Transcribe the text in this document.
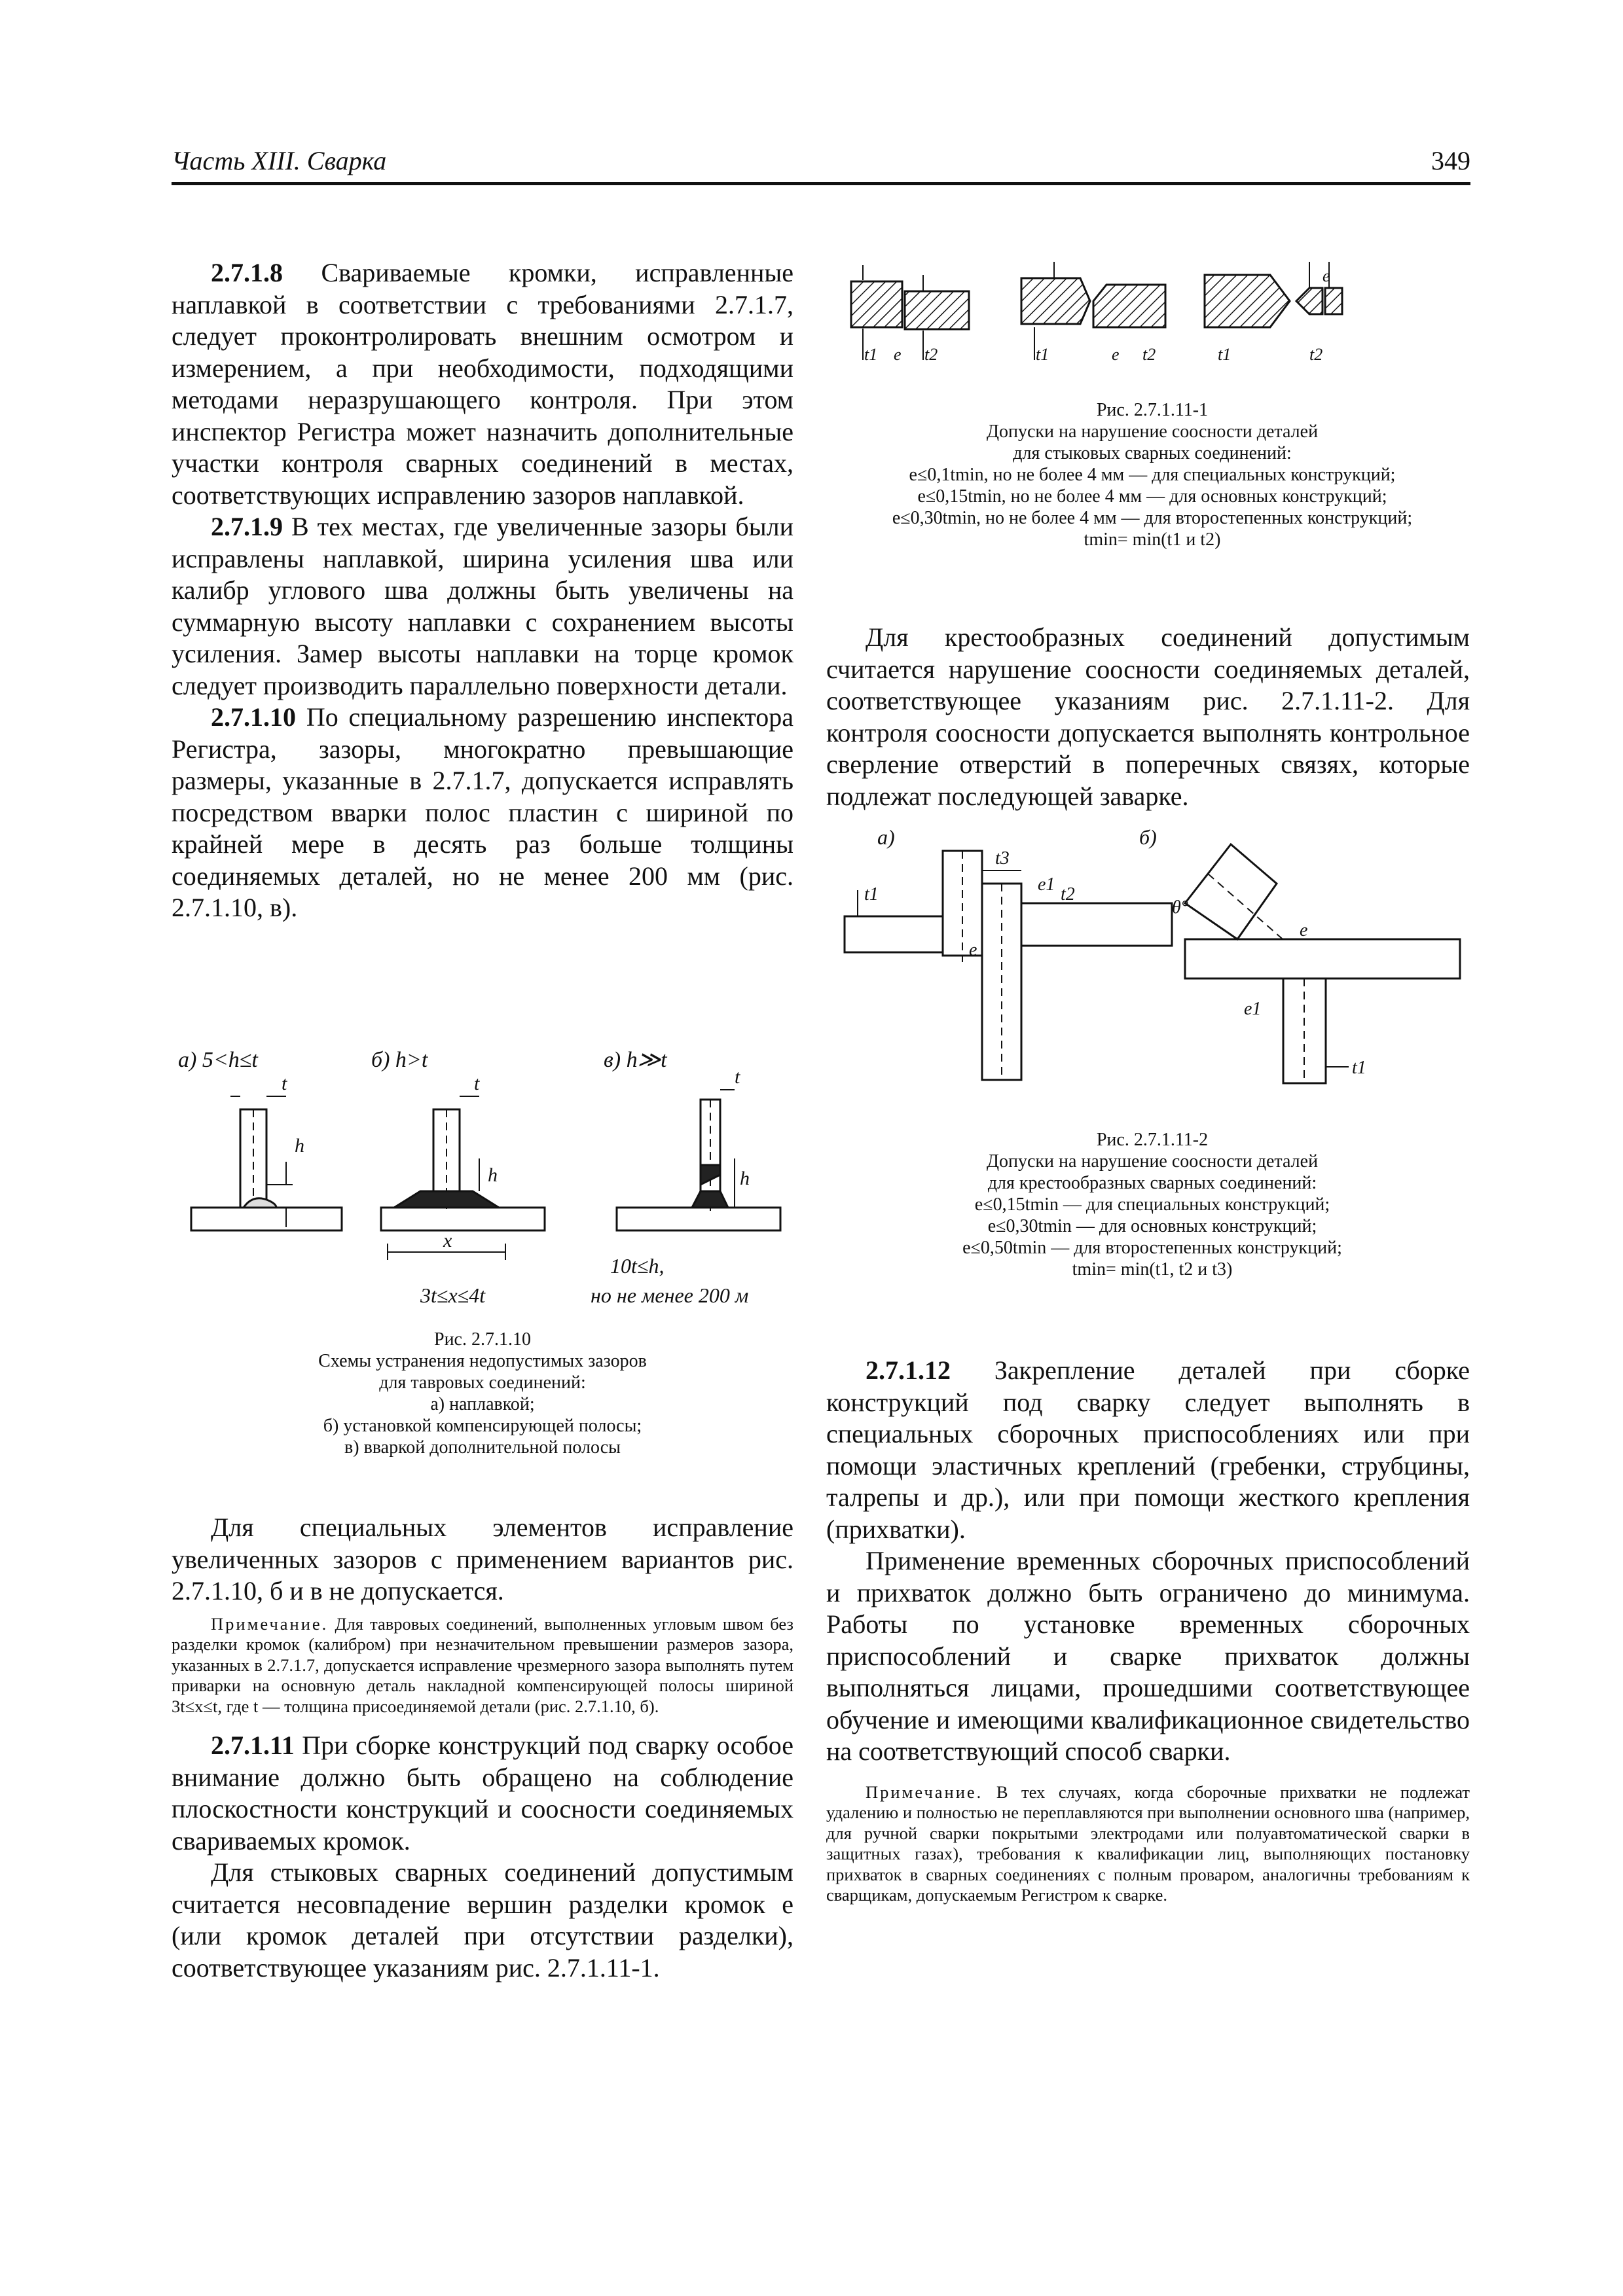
Часть XIII. Сварка	349

2.7.1.8 Свариваемые кромки, исправленные наплавкой в соответствии с требованиями 2.7.1.7, следует проконтролировать внешним осмотром и измерением, а при необходимости, подходящими методами неразрушающего контроля. При этом инспектор Регистра может назначить дополнительные участки контроля сварных соединений в местах, соответствующих исправлению зазоров наплавкой.

2.7.1.9 В тех местах, где увеличенные зазоры были исправлены наплавкой, ширина усиления шва или калибр углового шва должны быть увеличены на суммарную высоту наплавки с сохранением высоты усиления. Замер высоты наплавки на торце кромок следует производить параллельно поверхности детали.

2.7.1.10 По специальному разрешению инспектора Регистра, зазоры, многократно превышающие размеры, указанные в 2.7.1.7, допускается исправлять посредством вварки полос пластин с шириной по крайней мере в десять раз больше толщины соединяемых деталей, но не менее 200 мм (рис. 2.7.1.10, в).

а) 5<h≤t
t
h
б) h>t
x
h
t
3t≤x≤4t
в) h≫t
h
t
10t≤h,
но не менее 200 м
Рис. 2.7.1.10
Схемы устранения недопустимых зазоров
для тавровых соединений:
а) наплавкой;
б) установкой компенсирующей полосы;
в) вваркой дополнительной полосы

Для специальных элементов исправление увеличенных зазоров с применением вариантов рис. 2.7.1.10, б и в не допускается.

Примечание. Для тавровых соединений, выполненных угловым швом без разделки кромок (калибром) при незначительном превышении размеров зазора, указанных в 2.7.1.7, допускается исправление чрезмерного зазора выполнять путем приварки на основную деталь накладной компенсирующей полосы шириной 3t≤x≤t, где t — толщина присоединяемой детали (рис. 2.7.1.10, б).

2.7.1.11 При сборке конструкций под сварку особое внимание должно быть обращено на соблюдение плоскостности конструкций и соосности соединяемых свариваемых кромок.

Для стыковых сварных соединений допустимым считается несовпадение вершин разделки кромок e (или кромок деталей при отсутствии разделки), соответствующее указаниям рис. 2.7.1.11-1.

t1 e t2	t1	e t2	t1
e
t2
Рис. 2.7.1.11-1
Допуски на нарушение соосности деталей
для стыковых сварных соединений:
e≤0,1tmin, но не более 4 мм — для специальных конструкций;
e≤0,15tmin, но не более 4 мм — для основных конструкций;
e≤0,30tmin, но не более 4 мм — для второстепенных конструкций;
tmin= min(t1 и t2)

Для крестообразных соединений допустимым считается нарушение соосности соединяемых деталей, соответствующее указаниям рис. 2.7.1.11-2. Для контроля соосности допускается выполнять контрольное сверление отверстий в поперечных связях, которые подлежат последующей заварке.

а)
t1
t3
e1 t2
e
б)
θ°
e
e1
t1
Рис. 2.7.1.11-2
Допуски на нарушение соосности деталей
для крестообразных сварных соединений:
e≤0,15tmin — для специальных конструкций;
e≤0,30tmin — для основных конструкций;
e≤0,50tmin — для второстепенных конструкций;
tmin= min(t1, t2 и t3)

2.7.1.12 Закрепление деталей при сборке конструкций под сварку следует выполнять в специальных сборочных приспособлениях или при помощи эластичных креплений (гребенки, струбцины, талрепы и др.), или при помощи жесткого крепления (прихватки).

Применение временных сборочных приспособлений и прихваток должно быть ограничено до минимума. Работы по установке временных сборочных приспособлений и сварке прихваток должны выполняться лицами, прошедшими соответствующее обучение и имеющими квалификационное свидетельство на соответствующий способ сварки.

Примечание. В тех случаях, когда сборочные прихватки не подлежат удалению и полностью не переплавляются при выполнении основного шва (например, для ручной сварки покрытыми электродами или полуавтоматической сварки в защитных газах), требования к квалификации лиц, выполняющих постановку прихваток в сварных соединениях с полным проваром, аналогичны требованиям к сварщикам, допускаемым Регистром к сварке.
